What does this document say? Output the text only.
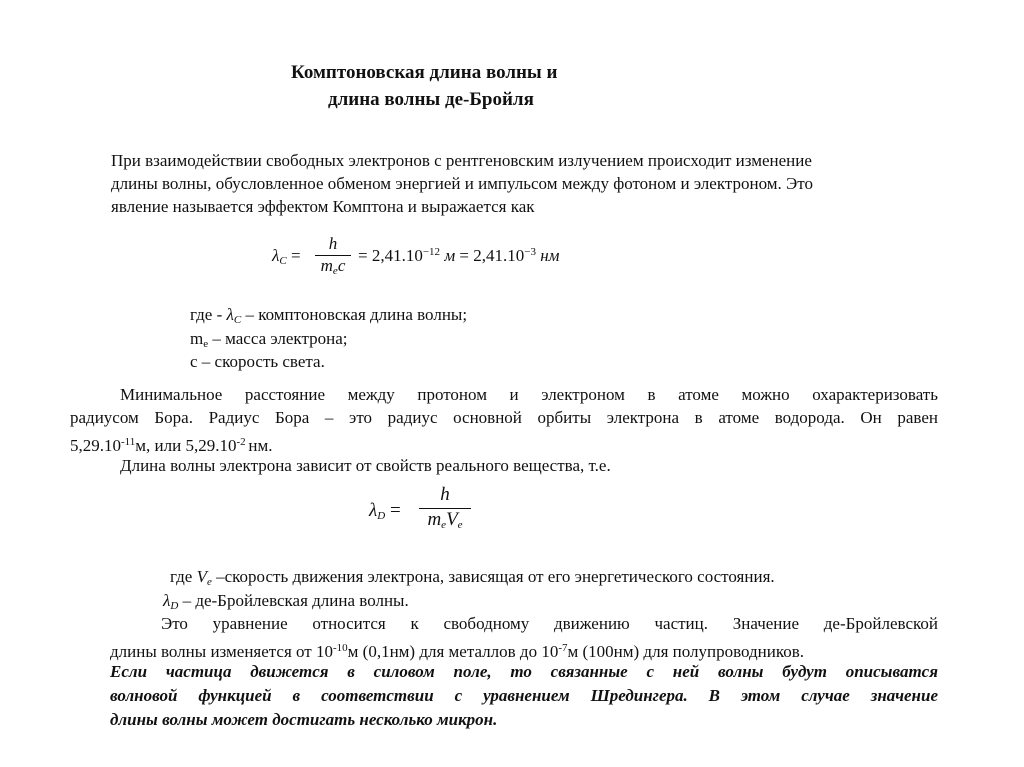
Комптоновская длина волны и
длина волны де-Бройля
При взаимодействии свободных электронов с рентгеновским излучением происходит изменение
длины волны, обусловленное обменом энергией и импульсом между фотоном и электроном. Это
явление называется эффектом Комптона и выражается как
$\lambda_C$ =
h
$m_ec$
= $2,41.10^{-12}$ $м = 2,41.10^{-3}$ нм
где - $\lambda_C$ – комптоновская длина волны;
$m_e$ – масса электрона;
c – скорость света.
Минимальное расстояние между протоном и электроном в атоме можно охарактеризовать
радиусом Бора. Радиус Бора – это радиус основной орбиты электрона в атоме водорода. Он равен
$5,29.10^{-11}м$, или $5,29.10^{-2}$ нм.
Длина волны электрона зависит от свойств реального вещества, т.е.
$\lambda_D$ =
h
$m_eV_e$
где $V_e$ –скорость движения электрона, зависящая от его энергетического состояния.
$\lambda_D$ – де-Бройлевская длина волны.
Это уравнение относится к свободному движению частиц. Значение де-Бройлевской
длины волны изменяется от $10^{-10}м$ (0,1нм) для металлов до $10^{-7}м$ (100нм) для полупроводников.
Если частица движется в силовом поле, то связанные с ней волны будут описыватся
волновой функцией в соответствии с уравнением Шредингера. В этом случае значение
длины волны может достигать несколько микрон.
